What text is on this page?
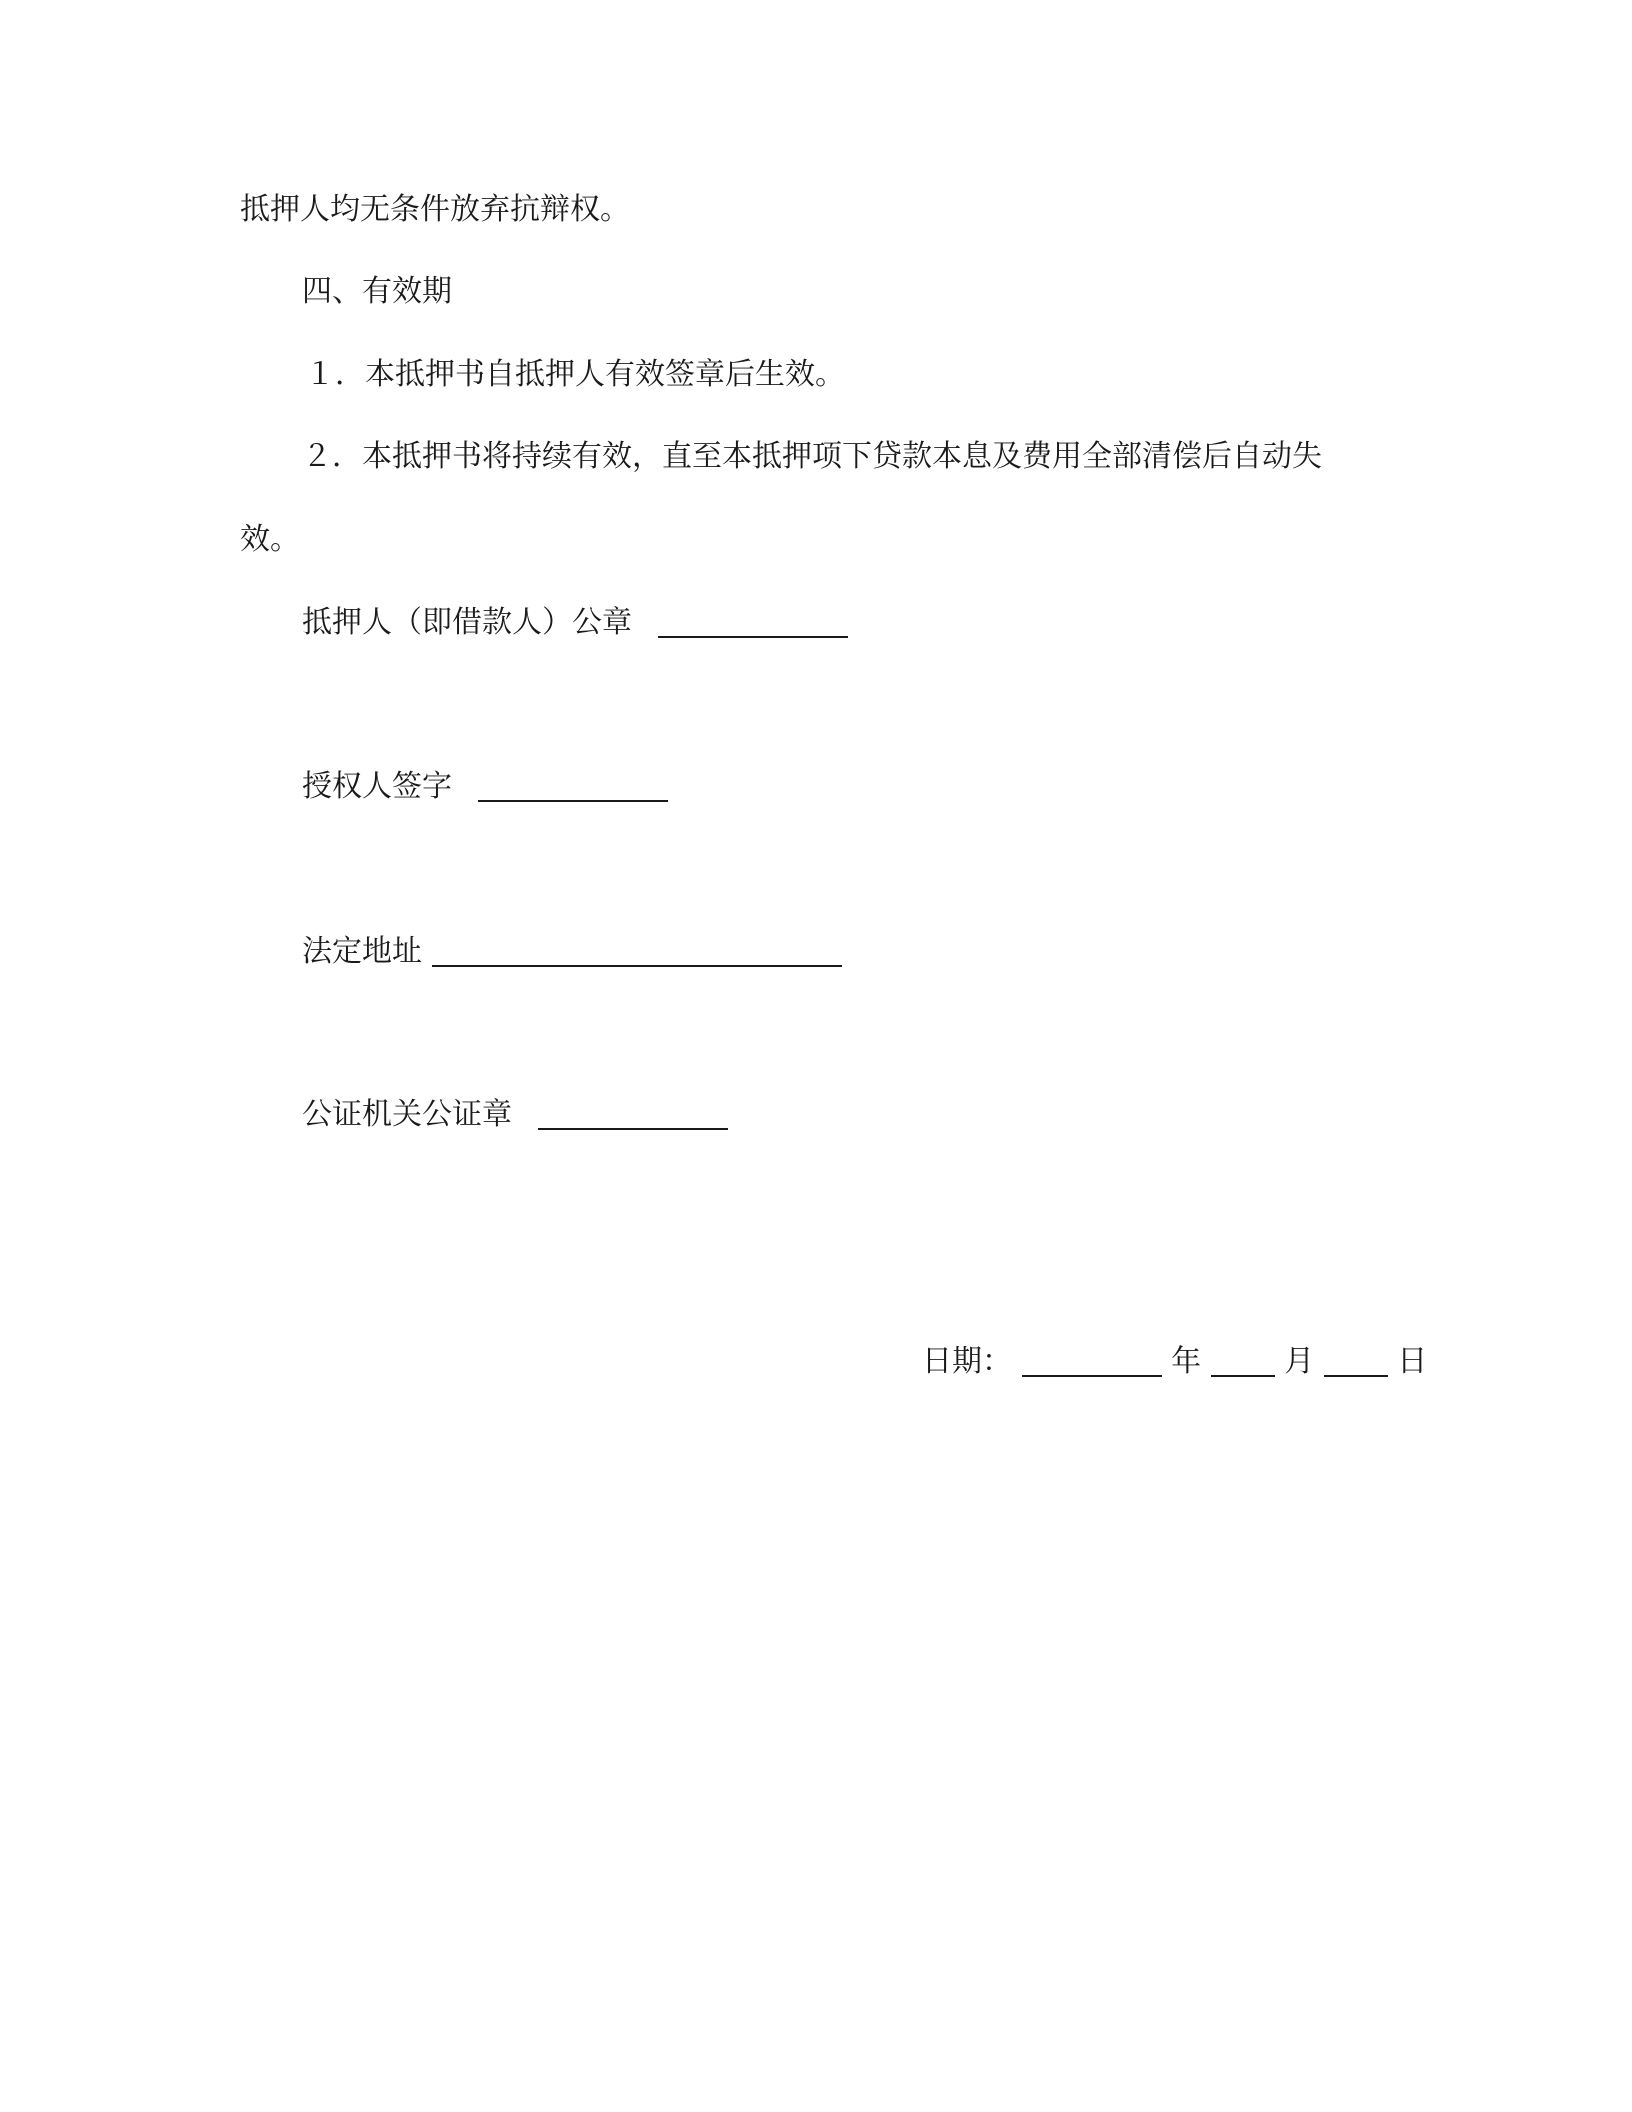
抵押人均无条件放弃抗辩权。
四、有效期
１．本抵押书自抵押人有效签章后生效。
２．本抵押书将持续有效，直至本抵押项下贷款本息及费用全部清偿后自动失
效。
抵押人（即借款人）公章
授权人签字
法定地址
公证机关公证章
日期：	年	月	日
